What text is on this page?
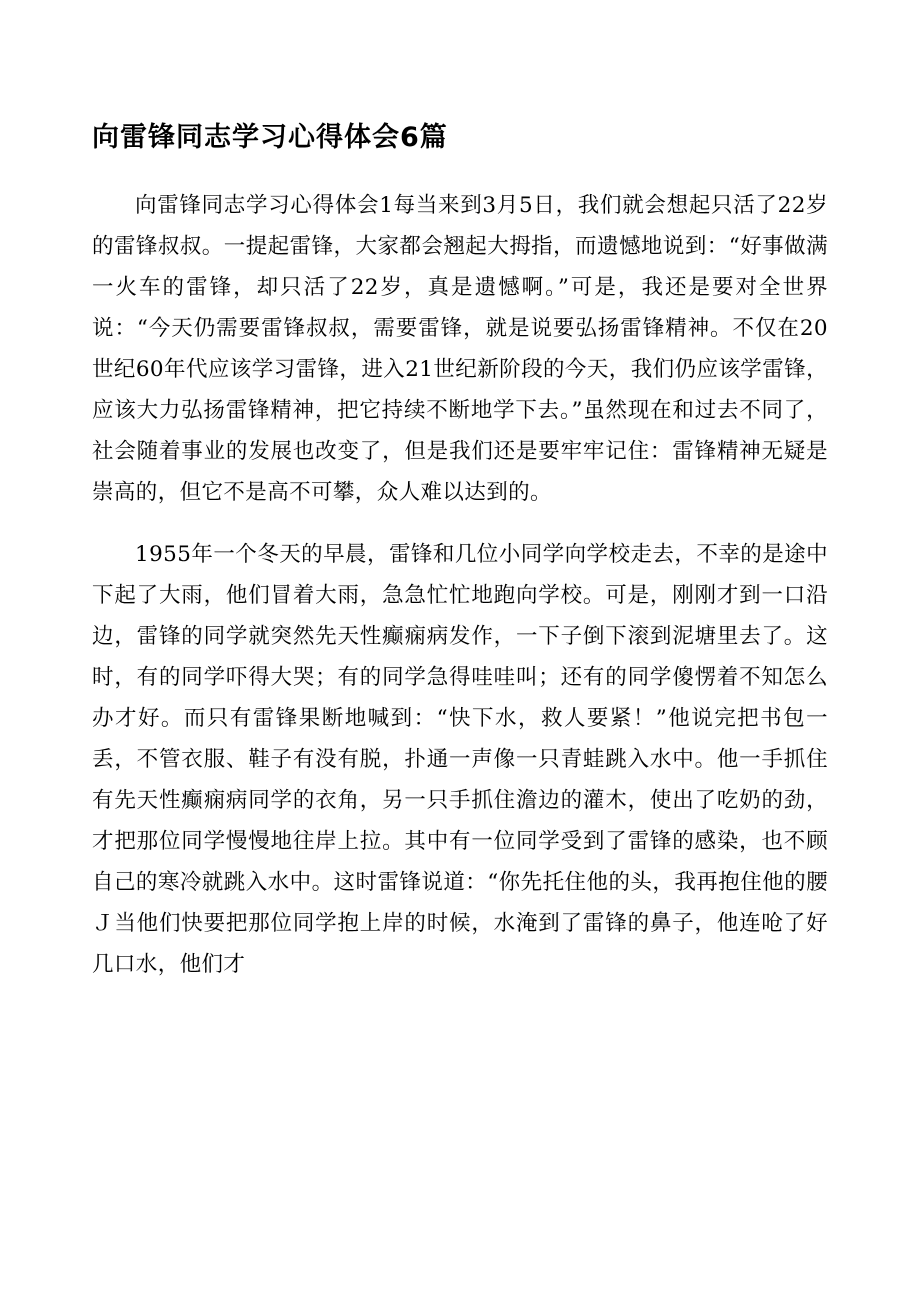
向雷锋同志学习心得体会6篇

向雷锋同志学习心得体会1每当来到3月5日，我们就会想起只活了22岁的雷锋叔叔。一提起雷锋，大家都会翘起大拇指，而遗憾地说到：“好事做满一火车的雷锋，却只活了22岁，真是遗憾啊。”可是，我还是要对全世界说：“今天仍需要雷锋叔叔，需要雷锋，就是说要弘扬雷锋精神。不仅在20世纪60年代应该学习雷锋，进入21世纪新阶段的今天，我们仍应该学雷锋，应该大力弘扬雷锋精神，把它持续不断地学下去。”虽然现在和过去不同了，社会随着事业的发展也改变了，但是我们还是要牢牢记住：雷锋精神无疑是崇高的，但它不是高不可攀，众人难以达到的。

1955年一个冬天的早晨，雷锋和几位小同学向学校走去，不幸的是途中下起了大雨，他们冒着大雨，急急忙忙地跑向学校。可是，刚刚才到一口沿边，雷锋的同学就突然先天性癫痫病发作，一下子倒下滚到泥塘里去了。这时，有的同学吓得大哭；有的同学急得哇哇叫；还有的同学傻愣着不知怎么办才好。而只有雷锋果断地喊到：“快下水，救人要紧！”他说完把书包一丢，不管衣服、鞋子有没有脱，扑通一声像一只青蛙跳入水中。他一手抓住有先天性癫痫病同学的衣角，另一只手抓住澹边的灌木，使出了吃奶的劲，才把那位同学慢慢地往岸上拉。其中有一位同学受到了雷锋的感染，也不顾自己的寒冷就跳入水中。这时雷锋说道：“你先托住他的头，我再抱住他的腰Ｊ当他们快要把那位同学抱上岸的时候，水淹到了雷锋的鼻子，他连呛了好几口水，他们才
